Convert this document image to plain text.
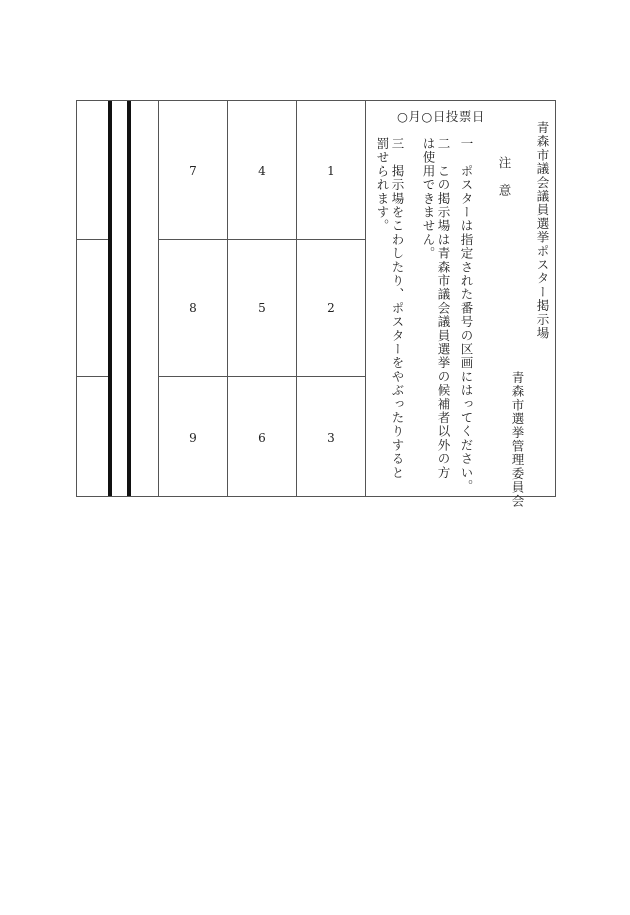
1
2
3
4
5
6
7
8
9
青森市議会議員選挙ポスター掲示場
注　意
青森市選挙管理委員会
一　ポスターは指定された番号の区画にはってください。
二　この掲示場は青森市議会議員選挙の候補者以外の方は使用できません。
三　掲示場をこわしたり、ポスターをやぶったりすると罰せられます。
○月○日投票日
